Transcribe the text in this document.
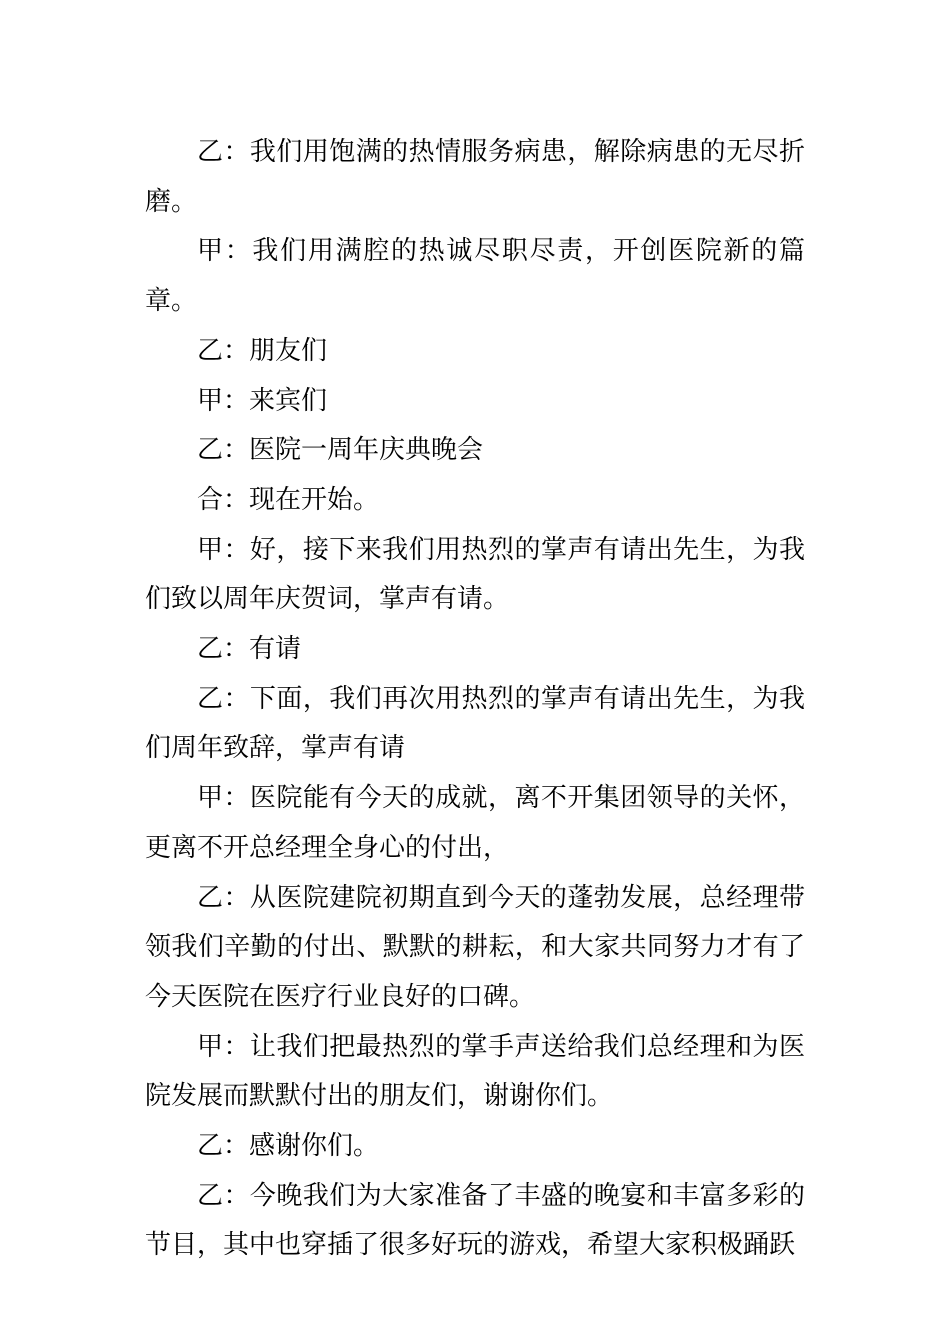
乙：我们用饱满的热情服务病患，解除病患的无尽折磨。

甲：我们用满腔的热诚尽职尽责，开创医院新的篇章。

乙：朋友们

甲：来宾们

乙：医院一周年庆典晚会

合：现在开始。

甲：好，接下来我们用热烈的掌声有请出先生，为我们致以周年庆贺词，掌声有请。

乙：有请

乙：下面，我们再次用热烈的掌声有请出先生，为我们周年致辞，掌声有请

甲：医院能有今天的成就，离不开集团领导的关怀，更离不开总经理全身心的付出，

乙：从医院建院初期直到今天的蓬勃发展，总经理带领我们辛勤的付出、默默的耕耘，和大家共同努力才有了今天医院在医疗行业良好的口碑。

甲：让我们把最热烈的掌手声送给我们总经理和为医院发展而默默付出的朋友们，谢谢你们。

乙：感谢你们。

乙：今晚我们为大家准备了丰盛的晚宴和丰富多彩的节目，其中也穿插了很多好玩的游戏，希望大家积极踊跃
